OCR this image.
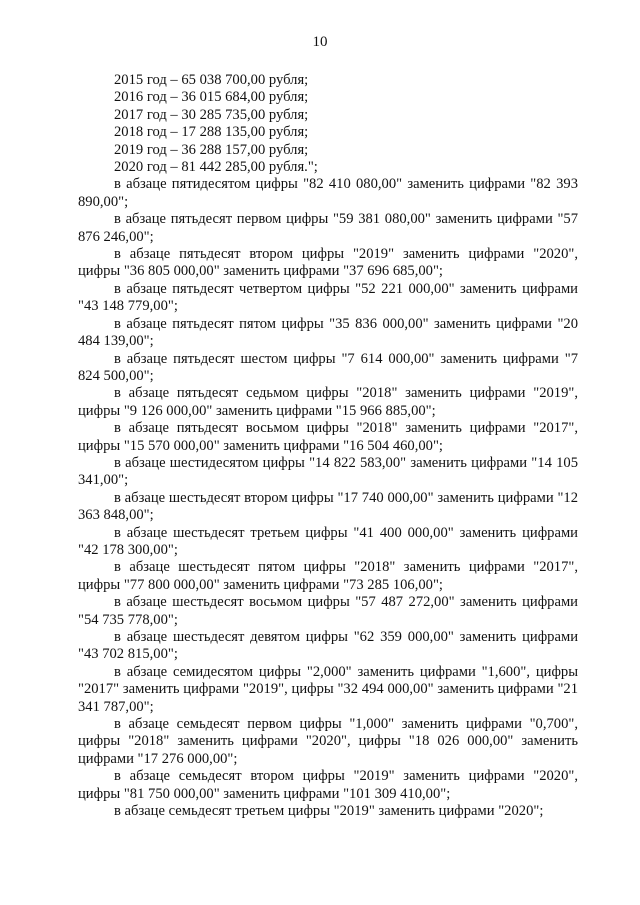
10
2015 год – 65 038 700,00 рубля;
2016 год – 36 015 684,00 рубля;
2017 год – 30 285 735,00 рубля;
2018 год – 17 288 135,00 рубля;
2019 год – 36 288 157,00 рубля;
2020 год – 81 442 285,00 рубля.";
в абзаце пятидесятом цифры "82 410 080,00" заменить цифрами "82 393 890,00";
в абзаце пятьдесят первом цифры "59 381 080,00" заменить цифрами "57 876 246,00";
в абзаце пятьдесят втором цифры "2019" заменить цифрами "2020", цифры "36 805 000,00" заменить цифрами "37 696 685,00";
в абзаце пятьдесят четвертом цифры "52 221 000,00" заменить цифрами "43 148 779,00";
в абзаце пятьдесят пятом цифры "35 836 000,00" заменить цифрами "20 484 139,00";
в абзаце пятьдесят шестом цифры "7 614 000,00" заменить цифрами "7 824 500,00";
в абзаце пятьдесят седьмом цифры "2018" заменить цифрами "2019", цифры "9 126 000,00" заменить цифрами "15 966 885,00";
в абзаце пятьдесят восьмом цифры "2018" заменить цифрами "2017", цифры "15 570 000,00" заменить цифрами "16 504 460,00";
в абзаце шестидесятом цифры "14 822 583,00" заменить цифрами "14 105 341,00";
в абзаце шестьдесят втором цифры "17 740 000,00" заменить цифрами "12 363 848,00";
в абзаце шестьдесят третьем цифры "41 400 000,00" заменить цифрами "42 178 300,00";
в абзаце шестьдесят пятом цифры "2018" заменить цифрами "2017", цифры "77 800 000,00" заменить цифрами "73 285 106,00";
в абзаце шестьдесят восьмом цифры "57 487 272,00" заменить цифрами "54 735 778,00";
в абзаце шестьдесят девятом цифры "62 359 000,00" заменить цифрами "43 702 815,00";
в абзаце семидесятом цифры "2,000" заменить цифрами "1,600", цифры "2017" заменить цифрами "2019", цифры "32 494 000,00" заменить цифрами "21 341 787,00";
в абзаце семьдесят первом цифры "1,000" заменить цифрами "0,700", цифры "2018" заменить цифрами "2020", цифры "18 026 000,00" заменить цифрами "17 276 000,00";
в абзаце семьдесят втором цифры "2019" заменить цифрами "2020", цифры "81 750 000,00" заменить цифрами "101 309 410,00";
в абзаце семьдесят третьем цифры "2019" заменить цифрами "2020";
